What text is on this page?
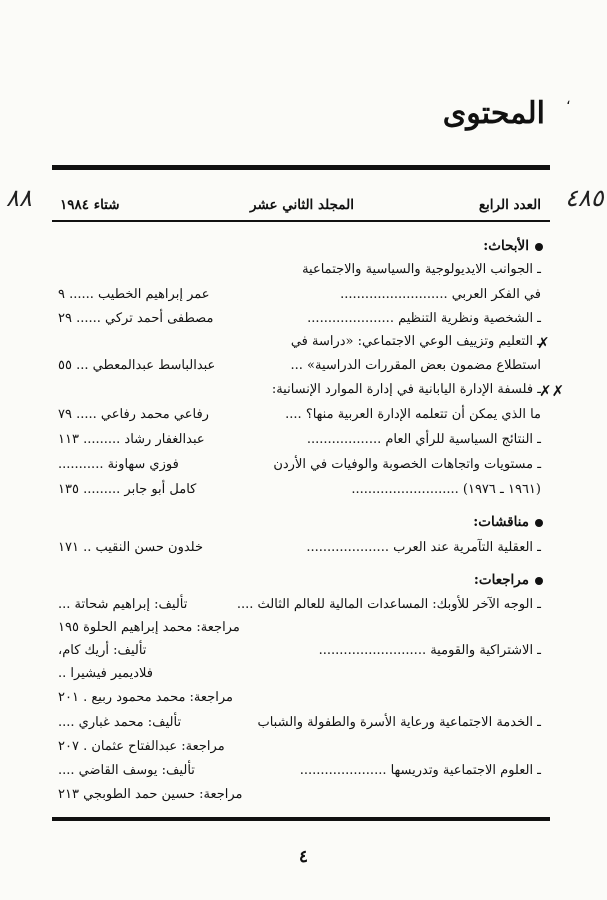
،
المحتوى
٤٨٥
٨٨	العدد الرابع
المجلد الثاني عشر
شتاء ١٩٨٤
الأبحاث:
ـ الجوانب الايديولوجية والسياسية والاجتماعية
في الفكر العربي ..........................
عمر إبراهيم الخطيب ...... ٩
ـ الشخصية ونظرية التنظيم .....................
مصطفى أحمد تركي ...... ٢٩
✗
ـ التعليم وتزييف الوعي الاجتماعي: «دراسة في
استطلاع مضمون بعض المقررات الدراسية» ...
عبدالباسط عبدالمعطي ... ٥٥
✗✗
ـ فلسفة الإدارة اليابانية في إدارة الموارد الإنسانية:
ما الذي يمكن أن تتعلمه الإدارة العربية منها؟ ....
رفاعي محمد رفاعي ..... ٧٩
ـ النتائج السياسية للرأي العام ..................
عبدالغفار رشاد ......... ١١٣
ـ مستويات واتجاهات الخصوبة والوفيات في الأردن
فوزي سهاونة ...........
(١٩٦١ ـ ١٩٧٦) ..........................
كامل أبو جابر ......... ١٣٥
مناقشات:
ـ العقلية التآمرية عند العرب ....................
خلدون حسن النقيب .. ١٧١
مراجعات:
ـ الوجه الآخر للأوبك: المساعدات المالية للعالم الثالث ....
تأليف: إبراهيم شحاتة ...
مراجعة: محمد إبراهيم الحلوة ١٩٥
ـ الاشتراكية والقومية ..........................
تأليف: أريك كام،
فلاديمير فيشيرا ..
مراجعة: محمد محمود ربيع . ٢٠١
ـ الخدمة الاجتماعية ورعاية الأسرة والطفولة والشباب
تأليف: محمد غباري ....
مراجعة: عبدالفتاح عثمان . ٢٠٧
ـ العلوم الاجتماعية وتدريسها .....................
تأليف: يوسف القاضي ....
مراجعة: حسين حمد الطوبجي ٢١٣
٤
